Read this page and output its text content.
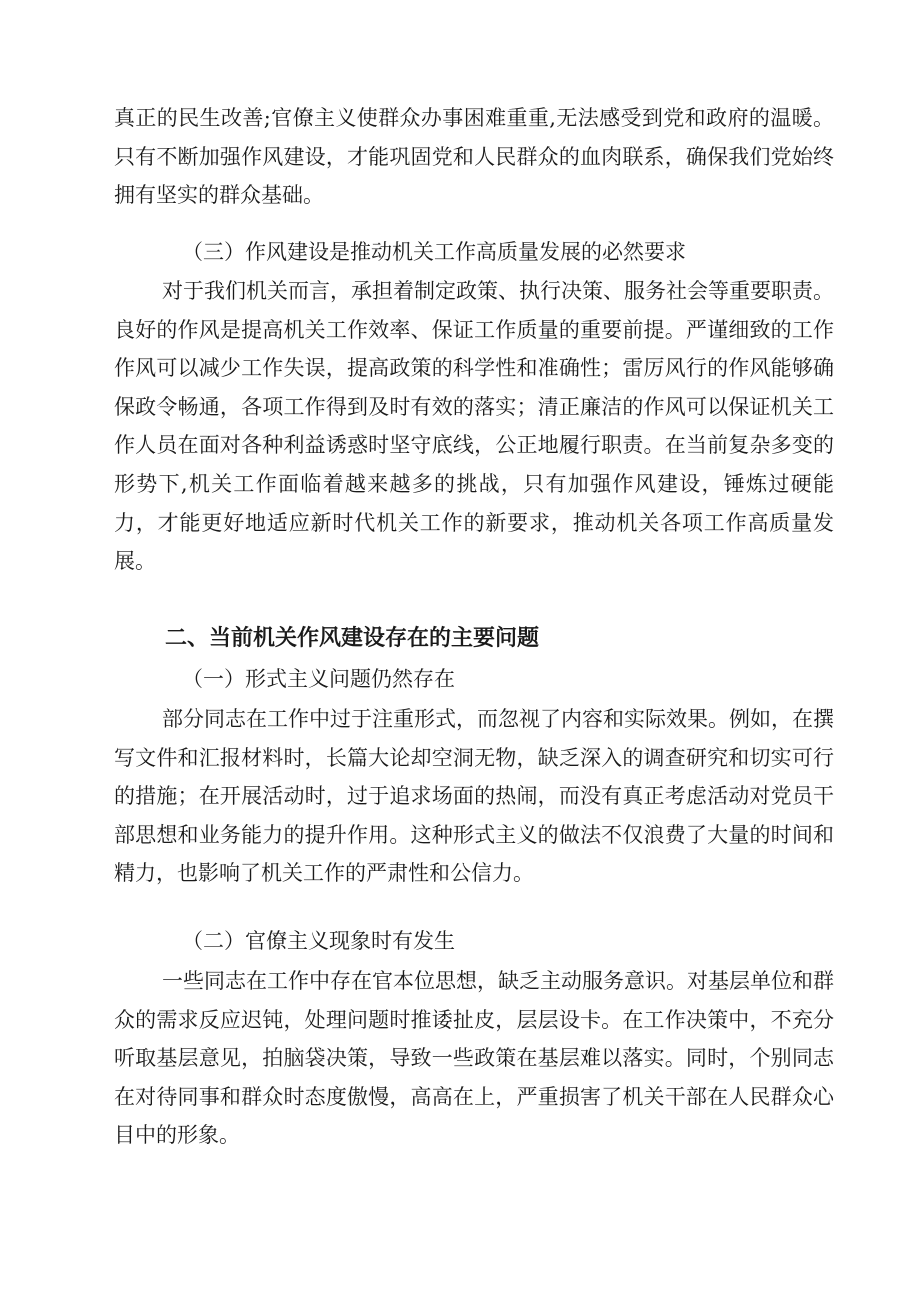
真正的民生改善;官僚主义使群众办事困难重重,无法感受到党和政府的温暖。只有不断加强作风建设，才能巩固党和人民群众的血肉联系，确保我们党始终拥有坚实的群众基础。

（三）作风建设是推动机关工作高质量发展的必然要求

对于我们机关而言，承担着制定政策、执行决策、服务社会等重要职责。良好的作风是提高机关工作效率、保证工作质量的重要前提。严谨细致的工作作风可以减少工作失误，提高政策的科学性和准确性；雷厉风行的作风能够确保政令畅通，各项工作得到及时有效的落实；清正廉洁的作风可以保证机关工作人员在面对各种利益诱惑时坚守底线，公正地履行职责。在当前复杂多变的形势下,机关工作面临着越来越多的挑战，只有加强作风建设，锤炼过硬能力，才能更好地适应新时代机关工作的新要求，推动机关各项工作高质量发展。

二、当前机关作风建设存在的主要问题

（一）形式主义问题仍然存在

部分同志在工作中过于注重形式，而忽视了内容和实际效果。例如，在撰写文件和汇报材料时，长篇大论却空洞无物，缺乏深入的调查研究和切实可行的措施；在开展活动时，过于追求场面的热闹，而没有真正考虑活动对党员干部思想和业务能力的提升作用。这种形式主义的做法不仅浪费了大量的时间和精力，也影响了机关工作的严肃性和公信力。

（二）官僚主义现象时有发生

一些同志在工作中存在官本位思想，缺乏主动服务意识。对基层单位和群众的需求反应迟钝，处理问题时推诿扯皮，层层设卡。在工作决策中，不充分听取基层意见，拍脑袋决策，导致一些政策在基层难以落实。同时，个别同志在对待同事和群众时态度傲慢，高高在上，严重损害了机关干部在人民群众心目中的形象。
